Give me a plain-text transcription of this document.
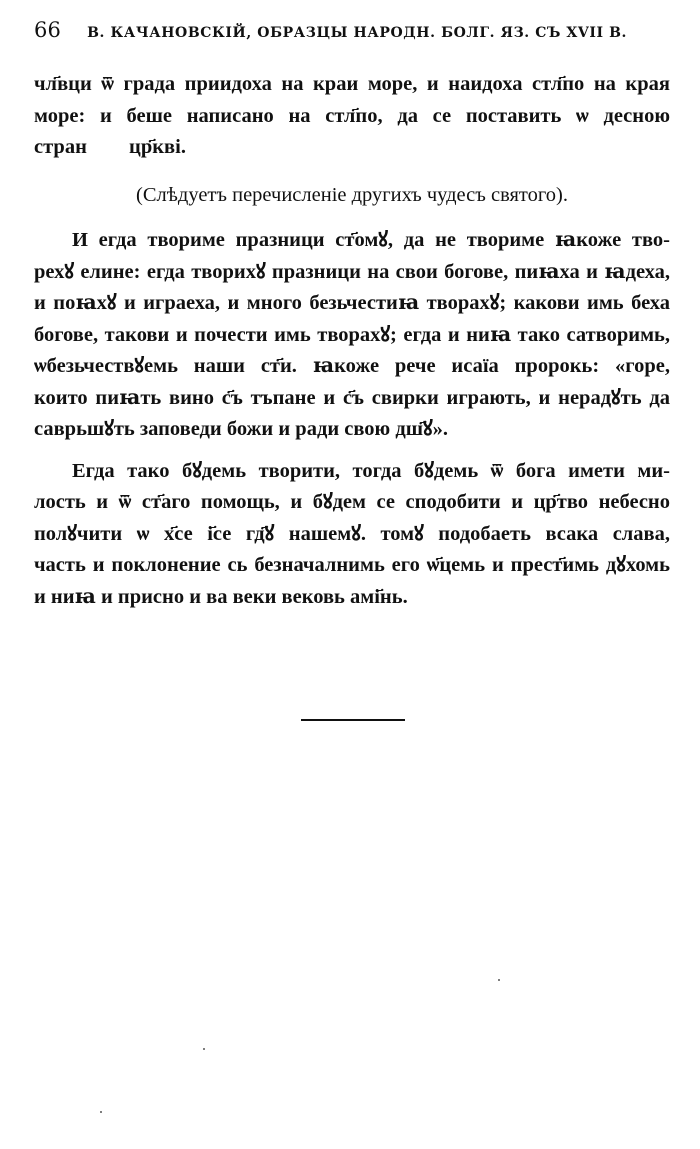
66 В. КАЧАНОВСКІЙ, ОБРАЗЦЫ НАРОДН. БОЛГ. ЯЗ. СЪ XVII В.
чл҃вци ѿ града приидоха на краи море, и наидоха стл҃по на края
море: и беше написано на стл҃по, да се поставить ѡ десною
стран꙽ ꙋ цр҃кві.
(Слѣдуетъ перечисленіе другихъ чудесъ святого).
И егда твориме празници ст҃омꙋ, да не твориме ꙗкоже тво-
рехꙋ елине: егда творихꙋ празници на свои богове, пиꙗха и ꙗдеха,
и поꙗхꙋ и играеха, и много безьчестиꙗ творахꙋ; какови имь беха
богове, такови и почести имь творахꙋ; егда и ниꙗ тако сатворимь,
ѡбезьчествꙋемь наши ст҃и. ꙗкоже рече исаїа пророкь: «горе,
които пиꙗть вино с҃ъ тъпане и с҃ъ свирки играють, и нерадꙋть да
саврьшꙋть заповеди божи и ради свою дш҃ꙋ».
Егда тако бꙋдемь творити, тогда бꙋдемь ѿ бога имети ми-
лость и ѿ ст҃аго помощь, и бꙋдем се сподобити и цр҃тво небесно
полꙋчити ѡ х҃се і҃се гд҃ꙋ нашемꙋ. томꙋ подобаеть всака слава,
часть и поклонение сь безначалнимь его ѡ҃цемь и прест҃имь дꙋхомь
и ниꙗ и присно и ва веки вековь амі҃нь.
